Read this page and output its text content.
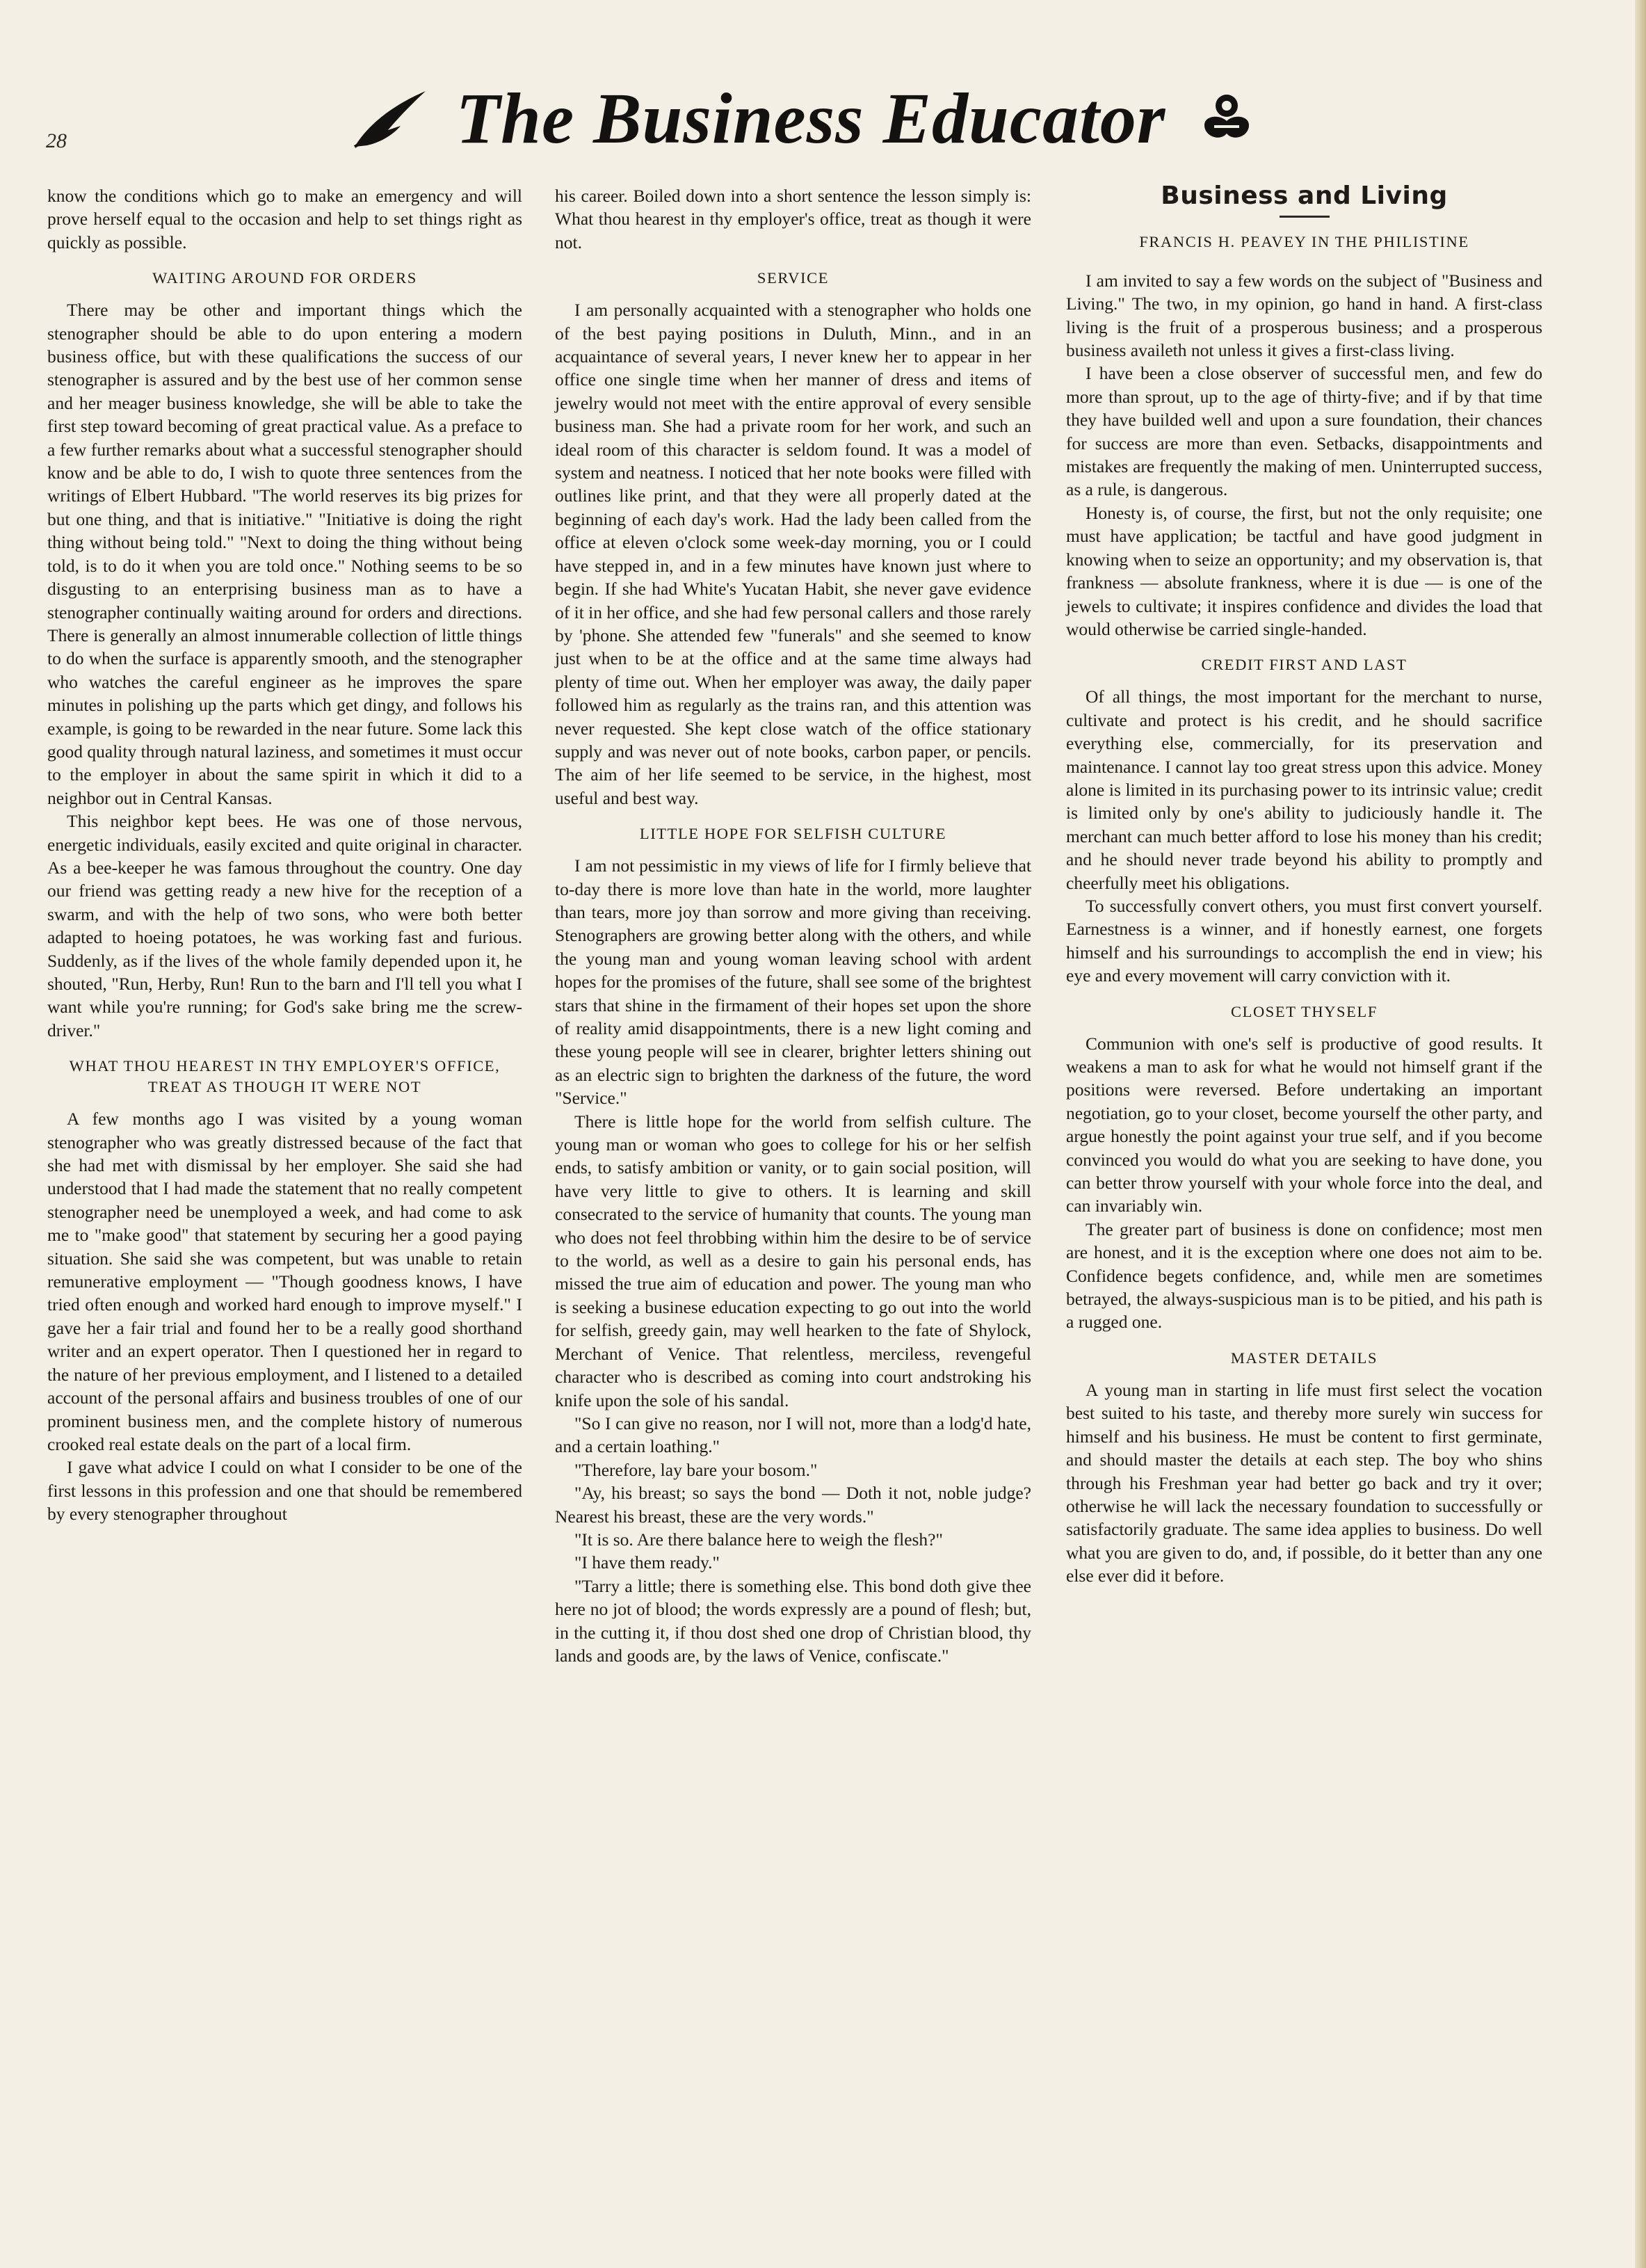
28	The Business Educator

know the conditions which go to make an emergency and will prove herself equal to the occasion and help to set things right as quickly as possible.

WAITING AROUND FOR ORDERS

There may be other and important things which the stenographer should be able to do upon entering a modern business office, but with these qualifications the success of our stenographer is assured and by the best use of her common sense and her meager business knowledge, she will be able to take the first step toward becoming of great practical value. As a preface to a few further remarks about what a successful stenographer should know and be able to do, I wish to quote three sentences from the writings of Elbert Hubbard. "The world reserves its big prizes for but one thing, and that is initiative." "Initiative is doing the right thing without being told." "Next to doing the thing without being told, is to do it when you are told once." Nothing seems to be so disgusting to an enterprising business man as to have a stenographer continually waiting around for orders and directions. There is generally an almost innumerable collection of little things to do when the surface is apparently smooth, and the stenographer who watches the careful engineer as he improves the spare minutes in polishing up the parts which get dingy, and follows his example, is going to be rewarded in the near future. Some lack this good quality through natural laziness, and sometimes it must occur to the employer in about the same spirit in which it did to a neighbor out in Central Kansas.

This neighbor kept bees. He was one of those nervous, energetic individuals, easily excited and quite original in character. As a bee-keeper he was famous throughout the country. One day our friend was getting ready a new hive for the reception of a swarm, and with the help of two sons, who were both better adapted to hoeing potatoes, he was working fast and furious. Suddenly, as if the lives of the whole family depended upon it, he shouted, "Run, Herby, Run! Run to the barn and I'll tell you what I want while you're running; for God's sake bring me the screw-driver."

WHAT THOU HEAREST IN THY EMPLOYER'S OFFICE, TREAT AS THOUGH IT WERE NOT

A few months ago I was visited by a young woman stenographer who was greatly distressed because of the fact that she had met with dismissal by her employer. She said she had understood that I had made the statement that no really competent stenographer need be unemployed a week, and had come to ask me to "make good" that statement by securing her a good paying situation. She said she was competent, but was unable to retain remunerative employment — "Though goodness knows, I have tried often enough and worked hard enough to improve myself." I gave her a fair trial and found her to be a really good shorthand writer and an expert operator. Then I questioned her in regard to the nature of her previous employment, and I listened to a detailed account of the personal affairs and business troubles of one of our prominent business men, and the complete history of numerous crooked real estate deals on the part of a local firm.

I gave what advice I could on what I consider to be one of the first lessons in this profession and one that should be remembered by every stenographer throughout

his career. Boiled down into a short sentence the lesson simply is: What thou hearest in thy employer's office, treat as though it were not.

SERVICE

I am personally acquainted with a stenographer who holds one of the best paying positions in Duluth, Minn., and in an acquaintance of several years, I never knew her to appear in her office one single time when her manner of dress and items of jewelry would not meet with the entire approval of every sensible business man. She had a private room for her work, and such an ideal room of this character is seldom found. It was a model of system and neatness. I noticed that her note books were filled with outlines like print, and that they were all properly dated at the beginning of each day's work. Had the lady been called from the office at eleven o'clock some week-day morning, you or I could have stepped in, and in a few minutes have known just where to begin. If she had White's Yucatan Habit, she never gave evidence of it in her office, and she had few personal callers and those rarely by 'phone. She attended few "funerals" and she seemed to know just when to be at the office and at the same time always had plenty of time out. When her employer was away, the daily paper followed him as regularly as the trains ran, and this attention was never requested. She kept close watch of the office stationary supply and was never out of note books, carbon paper, or pencils. The aim of her life seemed to be service, in the highest, most useful and best way.

LITTLE HOPE FOR SELFISH CULTURE

I am not pessimistic in my views of life for I firmly believe that to-day there is more love than hate in the world, more laughter than tears, more joy than sorrow and more giving than receiving. Stenographers are growing better along with the others, and while the young man and young woman leaving school with ardent hopes for the promises of the future, shall see some of the brightest stars that shine in the firmament of their hopes set upon the shore of reality amid disappointments, there is a new light coming and these young people will see in clearer, brighter letters shining out as an electric sign to brighten the darkness of the future, the word "Service."

There is little hope for the world from selfish culture. The young man or woman who goes to college for his or her selfish ends, to satisfy ambition or vanity, or to gain social position, will have very little to give to others. It is learning and skill consecrated to the service of humanity that counts. The young man who does not feel throbbing within him the desire to be of service to the world, as well as a desire to gain his personal ends, has missed the true aim of education and power. The young man who is seeking a businese education expecting to go out into the world for selfish, greedy gain, may well hearken to the fate of Shylock, Merchant of Venice. That relentless, merciless, revengeful character who is described as coming into court andstroking his knife upon the sole of his sandal.

"So I can give no reason, nor I will not, more than a lodg'd hate, and a certain loathing."

"Therefore, lay bare your bosom."

"Ay, his breast; so says the bond — Doth it not, noble judge? Nearest his breast, these are the very words."

"It is so. Are there balance here to weigh the flesh?"

"I have them ready."

"Tarry a little; there is something else. This bond doth give thee here no jot of blood; the words expressly are a pound of flesh; but, in the cutting it, if thou dost shed one drop of Christian blood, thy lands and goods are, by the laws of Venice, confiscate."

Business and Living
FRANCIS H. PEAVEY IN THE PHILISTINE

I am invited to say a few words on the subject of "Business and Living." The two, in my opinion, go hand in hand. A first-class living is the fruit of a prosperous business; and a prosperous business availeth not unless it gives a first-class living.

I have been a close observer of successful men, and few do more than sprout, up to the age of thirty-five; and if by that time they have builded well and upon a sure foundation, their chances for success are more than even. Setbacks, disappointments and mistakes are frequently the making of men. Uninterrupted success, as a rule, is dangerous.

Honesty is, of course, the first, but not the only requisite; one must have application; be tactful and have good judgment in knowing when to seize an opportunity; and my observation is, that frankness — absolute frankness, where it is due — is one of the jewels to cultivate; it inspires confidence and divides the load that would otherwise be carried single-handed.

CREDIT FIRST AND LAST

Of all things, the most important for the merchant to nurse, cultivate and protect is his credit, and he should sacrifice everything else, commercially, for its preservation and maintenance. I cannot lay too great stress upon this advice. Money alone is limited in its purchasing power to its intrinsic value; credit is limited only by one's ability to judiciously handle it. The merchant can much better afford to lose his money than his credit; and he should never trade beyond his ability to promptly and cheerfully meet his obligations.

To successfully convert others, you must first convert yourself. Earnestness is a winner, and if honestly earnest, one forgets himself and his surroundings to accomplish the end in view; his eye and every movement will carry conviction with it.

CLOSET THYSELF

Communion with one's self is productive of good results. It weakens a man to ask for what he would not himself grant if the positions were reversed. Before undertaking an important negotiation, go to your closet, become yourself the other party, and argue honestly the point against your true self, and if you become convinced you would do what you are seeking to have done, you can better throw yourself with your whole force into the deal, and can invariably win.

The greater part of business is done on confidence; most men are honest, and it is the exception where one does not aim to be. Confidence begets confidence, and, while men are sometimes betrayed, the always-suspicious man is to be pitied, and his path is a rugged one.

MASTER DETAILS

A young man in starting in life must first select the vocation best suited to his taste, and thereby more surely win success for himself and his business. He must be content to first germinate, and should master the details at each step. The boy who shins through his Freshman year had better go back and try it over; otherwise he will lack the necessary foundation to successfully or satisfactorily graduate. The same idea applies to business. Do well what you are given to do, and, if possible, do it better than any one else ever did it before.
